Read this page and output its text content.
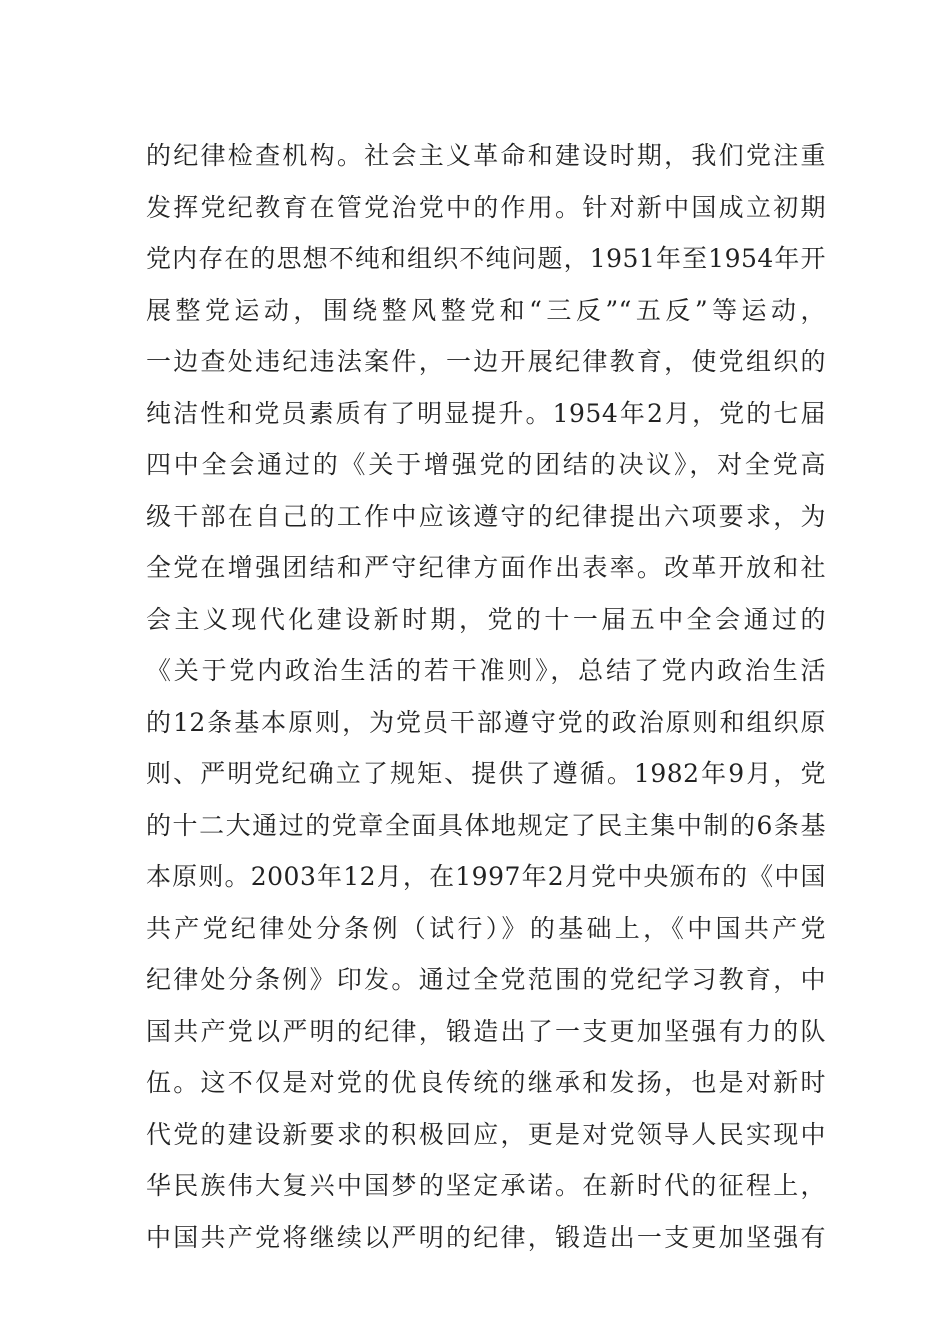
的纪律检查机构。社会主义革命和建设时期，我们党注重
发挥党纪教育在管党治党中的作用。针对新中国成立初期
党内存在的思想不纯和组织不纯问题，1951年至1954年开
展整党运动，围绕整风整党和“三反”“五反”等运动，
一边查处违纪违法案件，一边开展纪律教育，使党组织的
纯洁性和党员素质有了明显提升。1954年2月，党的七届
四中全会通过的《关于增强党的团结的决议》，对全党高
级干部在自己的工作中应该遵守的纪律提出六项要求，为
全党在增强团结和严守纪律方面作出表率。改革开放和社
会主义现代化建设新时期，党的十一届五中全会通过的
《关于党内政治生活的若干准则》，总结了党内政治生活
的12条基本原则，为党员干部遵守党的政治原则和组织原
则、严明党纪确立了规矩、提供了遵循。1982年9月，党
的十二大通过的党章全面具体地规定了民主集中制的6条基
本原则。2003年12月，在1997年2月党中央颁布的《中国
共产党纪律处分条例（试行）》的基础上，《中国共产党
纪律处分条例》印发。通过全党范围的党纪学习教育，中
国共产党以严明的纪律，锻造出了一支更加坚强有力的队
伍。这不仅是对党的优良传统的继承和发扬，也是对新时
代党的建设新要求的积极回应，更是对党领导人民实现中
华民族伟大复兴中国梦的坚定承诺。在新时代的征程上，
中国共产党将继续以严明的纪律，锻造出一支更加坚强有
